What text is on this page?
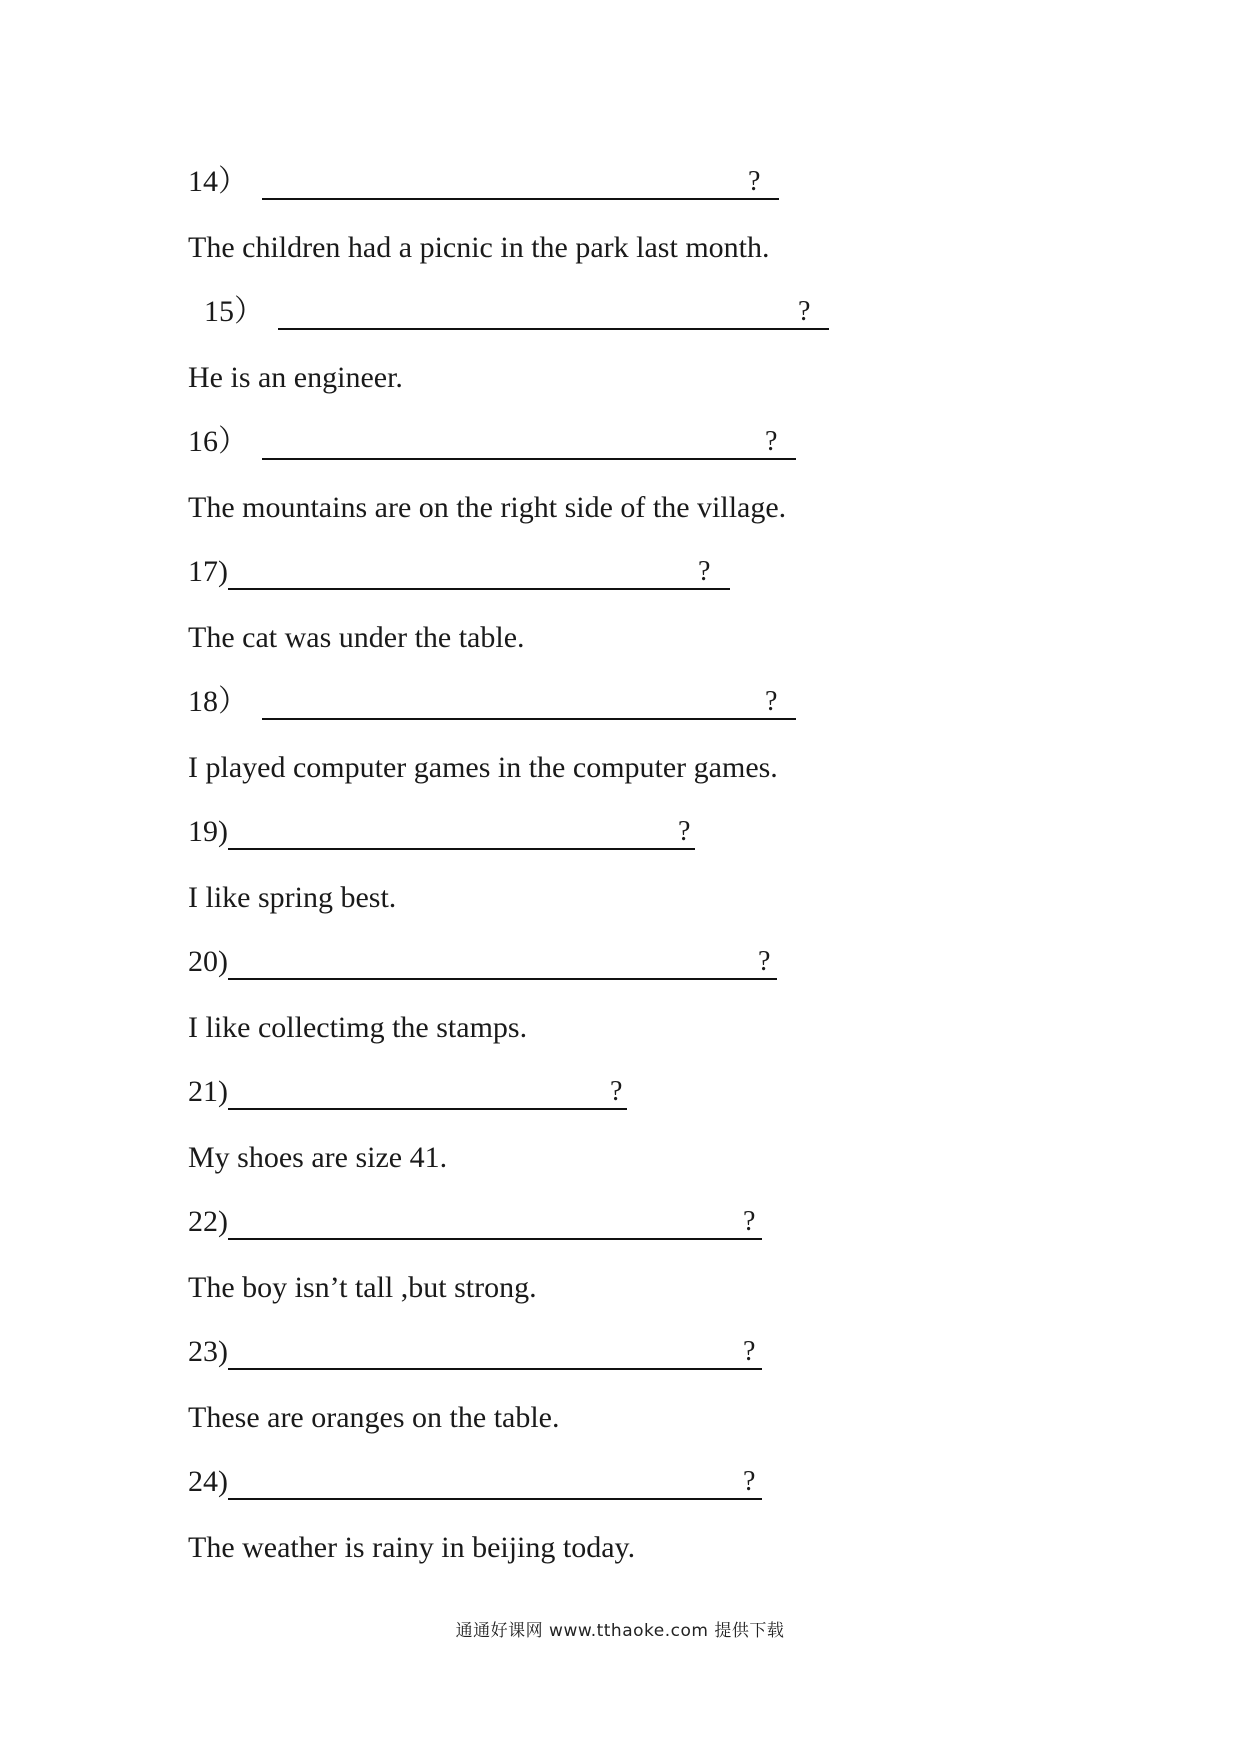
14）	?
The children had a picnic in the park last month.
15）	?
He is an engineer.
16）	?
The mountains are on the right side of the village.
17)	?
The cat was under the table.
18）	?
I played computer games in the computer games.
19)	?
I like spring best.
20)	?
I like collectimg the stamps.
21)	?
My shoes are size 41.
22)	?
The boy isn’t tall ,but strong.
23)	?
These are oranges on the table.
24)	?
The weather is rainy in beijing today.
通通好课网 www.tthaoke.com 提供下载
